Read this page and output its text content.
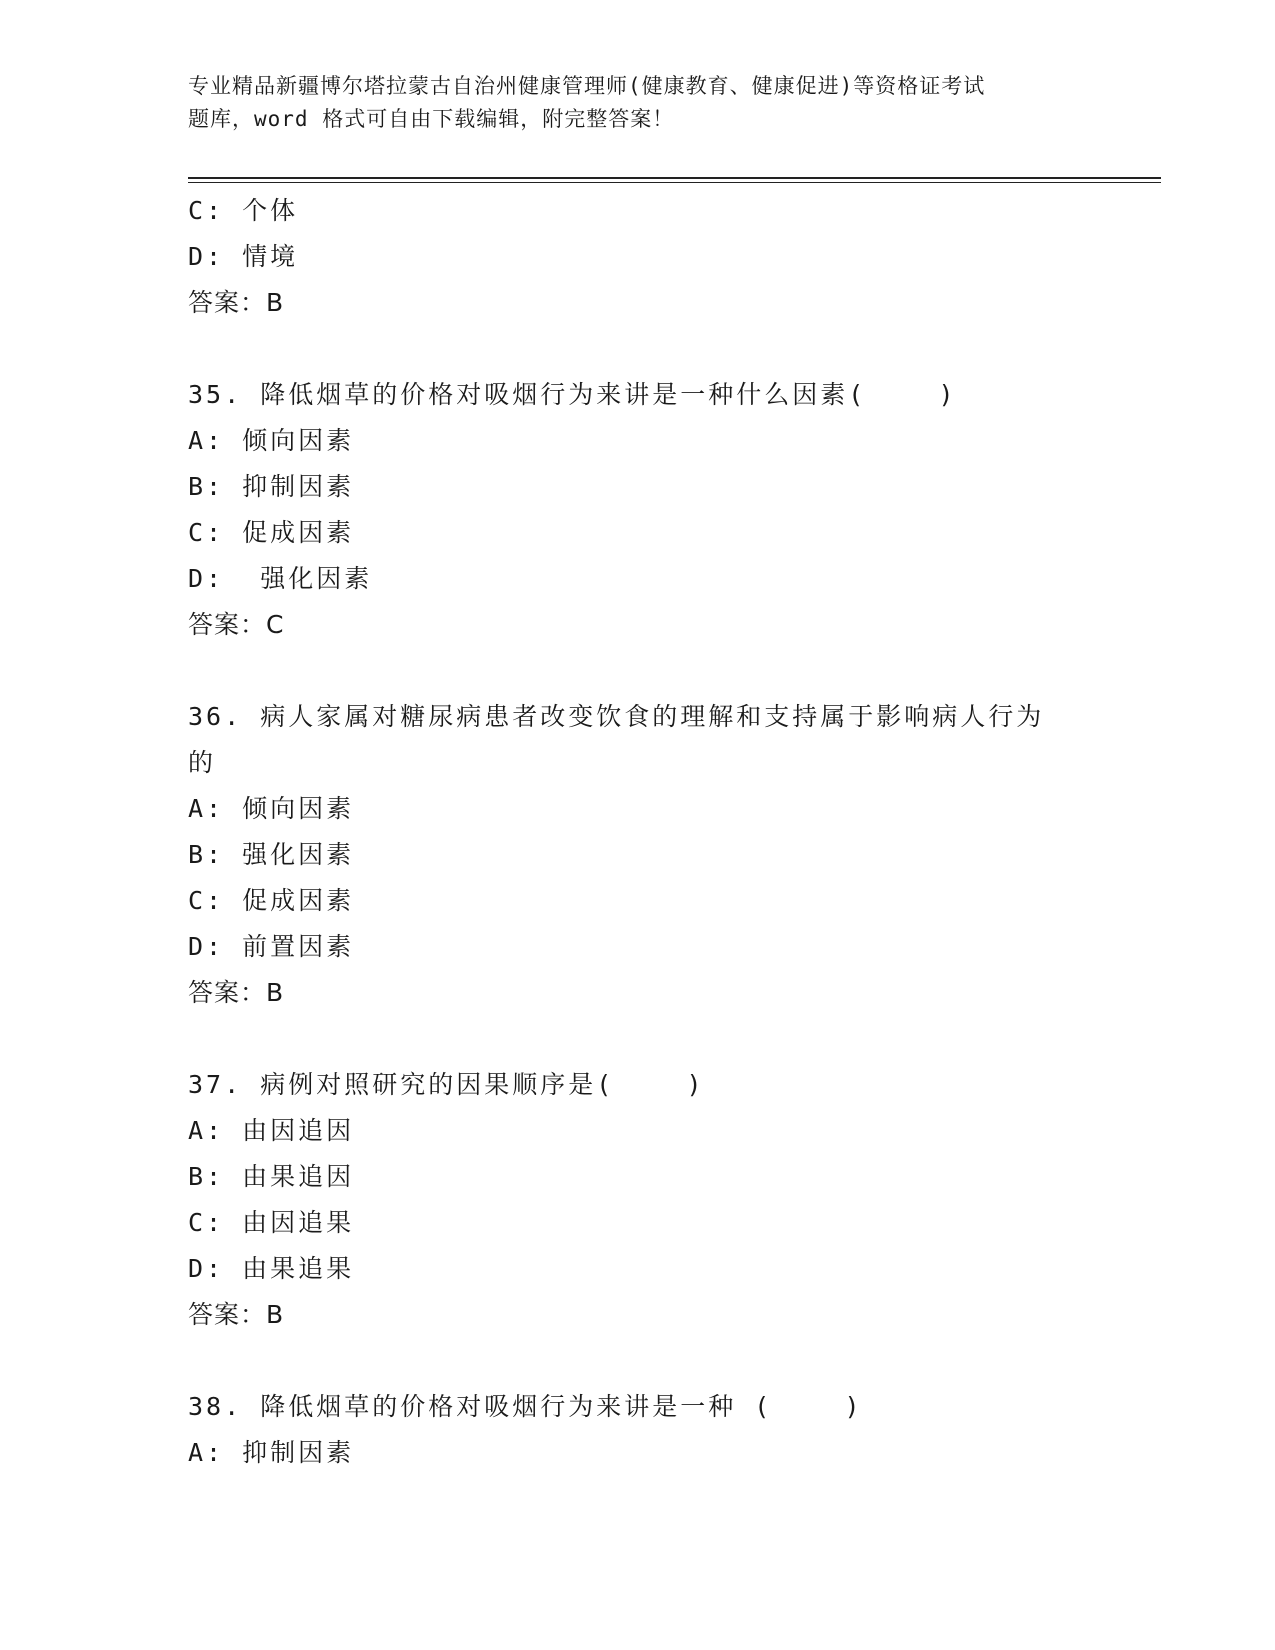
专业精品新疆博尔塔拉蒙古自治州健康管理师(健康教育、健康促进)等资格证考试
题库，word 格式可自由下载编辑，附完整答案！
C: 个体
D: 情境
答案：B
35. 降低烟草的价格对吸烟行为来讲是一种什么因素(    )
A: 倾向因素
B: 抑制因素
C: 促成因素
D:  强化因素
答案：C
36. 病人家属对糖尿病患者改变饮食的理解和支持属于影响病人行为
的
A: 倾向因素
B: 强化因素
C: 促成因素
D: 前置因素
答案：B
37. 病例对照研究的因果顺序是(    )
A: 由因追因
B: 由果追因
C: 由因追果
D: 由果追果
答案：B
38. 降低烟草的价格对吸烟行为来讲是一种 (    )
A: 抑制因素
